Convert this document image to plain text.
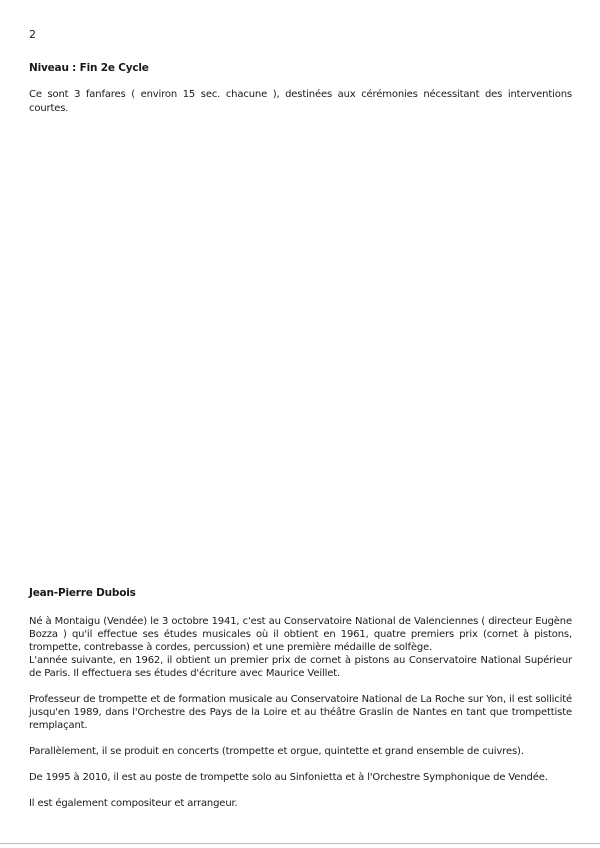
2
Niveau : Fin 2e Cycle
Ce sont 3 fanfares ( environ 15 sec. chacune ), destinées aux cérémonies nécessitant des interventions courtes.
Jean-Pierre Dubois

Né à Montaigu (Vendée) le 3 octobre 1941, c'est au Conservatoire National de Valenciennes ( directeur Eugène Bozza ) qu'il effectue ses études musicales où il obtient en 1961, quatre premiers prix (cornet à pistons, trompette, contrebasse à cordes, percussion) et une première médaille de solfège.

L'année suivante, en 1962, il obtient un premier prix de cornet à pistons au Conservatoire National Supérieur de Paris. Il effectuera ses études d'écriture avec Maurice Veillet.

Professeur de trompette et de formation musicale au Conservatoire National de La Roche sur Yon, il est sollicité jusqu'en 1989, dans l'Orchestre des Pays de la Loire et au théâtre Graslin de Nantes en tant que trompettiste remplaçant.

Parallèlement, il se produit en concerts (trompette et orgue, quintette et grand ensemble de cuivres).

De 1995 à 2010, il est au poste de trompette solo au Sinfonietta et à l'Orchestre Symphonique de Vendée.

Il est également compositeur et arrangeur.
